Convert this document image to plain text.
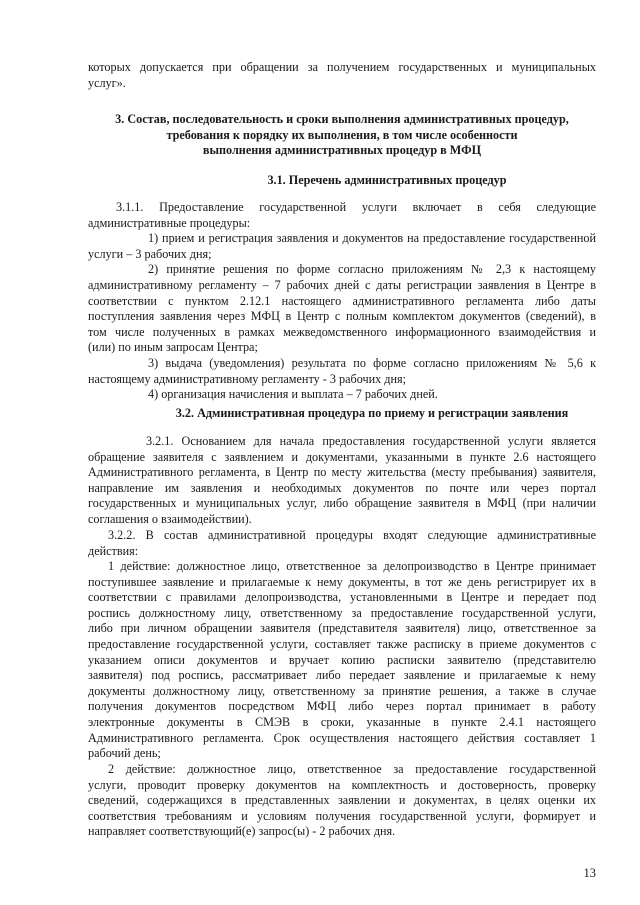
которых допускается при обращении за получением государственных и муниципальных
услуг».
3. Состав, последовательность и сроки выполнения административных процедур,
требования к порядку их выполнения, в том числе особенности
выполнения административных процедур в МФЦ
3.1. Перечень административных процедур
3.1.1. Предоставление государственной услуги включает в себя следующие
административные процедуры:
1) прием и регистрация заявления и документов на предоставление государственной
услуги – 3 рабочих дня;
2) принятие решения по форме согласно приложениям № 2,3 к настоящему
административному регламенту – 7 рабочих дней с даты регистрации заявления в Центре в
соответствии с пунктом 2.12.1 настоящего административного регламента либо даты
поступления заявления через МФЦ в Центр с полным комплектом документов (сведений), в
том числе полученных в рамках межведомственного информационного взаимодействия и
(или) по иным запросам Центра;
3) выдача (уведомления) результата по форме согласно приложениям № 5,6 к
настоящему административному регламенту - 3 рабочих дня;
4) организация начисления и выплата – 7 рабочих дней.
3.2. Административная процедура по приему и регистрации заявления
3.2.1. Основанием для начала предоставления государственной услуги является
обращение заявителя с заявлением и документами, указанными в пункте 2.6 настоящего
Административного регламента, в Центр по месту жительства (месту пребывания) заявителя,
направление им заявления и необходимых документов по почте или через портал
государственных и муниципальных услуг, либо обращение заявителя в МФЦ (при наличии
соглашения о взаимодействии).
3.2.2. В состав административной процедуры входят следующие административные
действия:
1 действие: должностное лицо, ответственное за делопроизводство в Центре принимает
поступившее заявление и прилагаемые к нему документы, в тот же день регистрирует их в
соответствии с правилами делопроизводства, установленными в Центре и передает под
роспись должностному лицу, ответственному за предоставление государственной услуги,
либо при личном обращении заявителя (представителя заявителя) лицо, ответственное за
предоставление государственной услуги, составляет также расписку в приеме документов с
указанием описи документов и вручает копию расписки заявителю (представителю
заявителя) под роспись, рассматривает либо передает заявление и прилагаемые к нему
документы должностному лицу, ответственному за принятие решения, а также в случае
получения документов посредством МФЦ либо через портал принимает в работу
электронные документы в СМЭВ в сроки, указанные в пункте 2.4.1 настоящего
Административного регламента. Срок осуществления настоящего действия составляет 1
рабочий день;
2 действие: должностное лицо, ответственное за предоставление государственной
услуги, проводит проверку документов на комплектность и достоверность, проверку
сведений, содержащихся в представленных заявлении и документах, в целях оценки их
соответствия требованиям и условиям получения государственной услуги, формирует и
направляет соответствующий(е) запрос(ы) - 2 рабочих дня.
13
